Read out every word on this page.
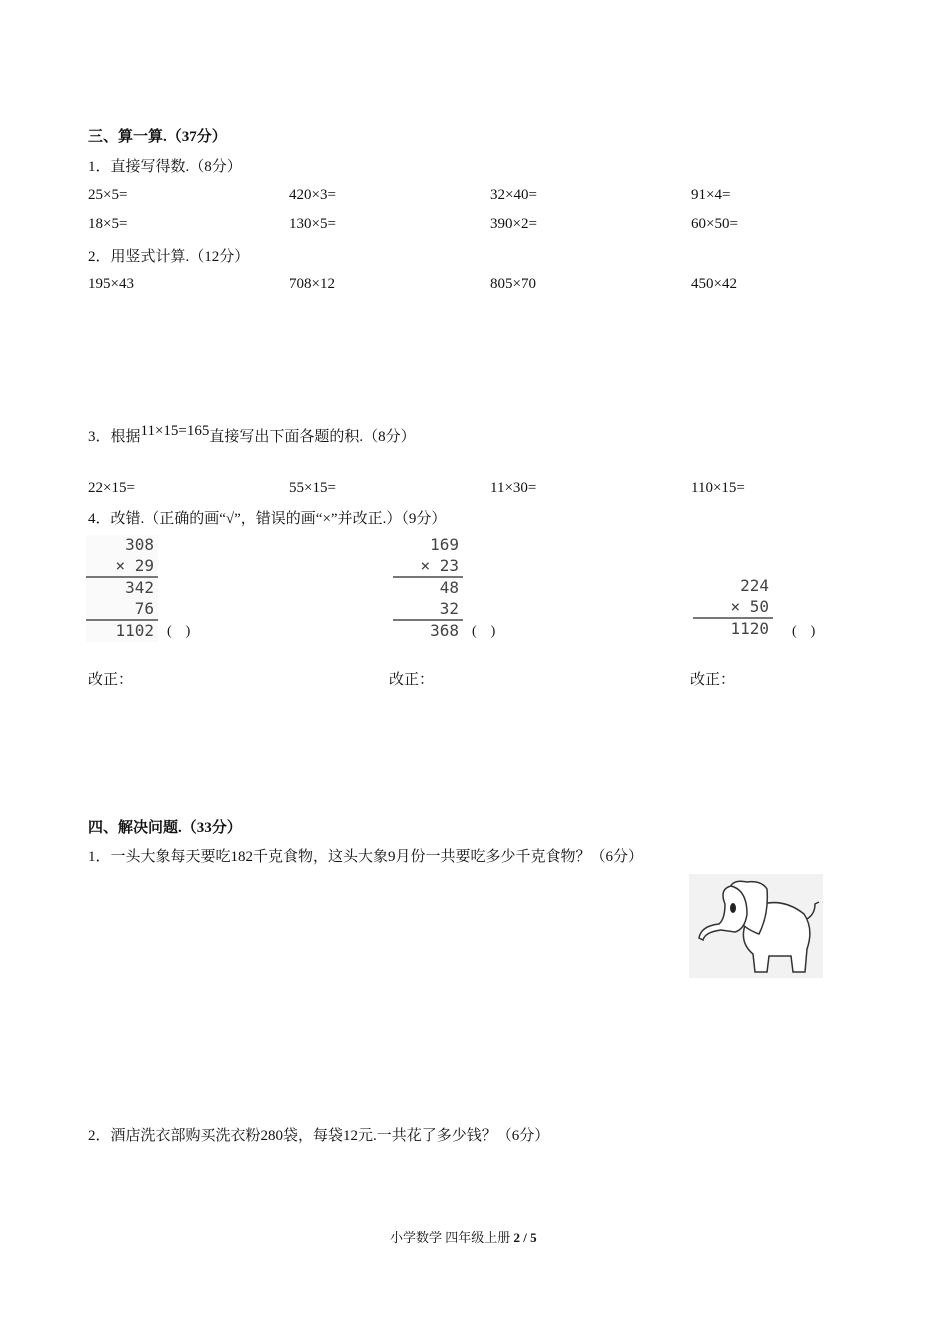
三、算一算.（37分）
1．直接写得数.（8分）
25×5=	420×3=	32×40=	91×4=
18×5=	130×5=	390×2=	60×50=
2．用竖式计算.（12分）
195×43	708×12	805×70	450×42
3．根据11×15=165直接写出下面各题的积.（8分）
22×15=	55×15=	11×30=	110×15=
4．改错.（正确的画“√”，错误的画“×”并改正.）（9分）
308
× 29
342
76
1102 (    )
169
× 23
48
32
368 (    )
224
× 50
1120 (    )
改正：	改正：	改正：
四、解决问题.（33分）
1．一头大象每天要吃182千克食物，这头大象9月份一共要吃多少千克食物？（6分）
2．酒店洗衣部购买洗衣粉280袋，每袋12元.一共花了多少钱？（6分）
小学数学 四年级上册 2 / 5
